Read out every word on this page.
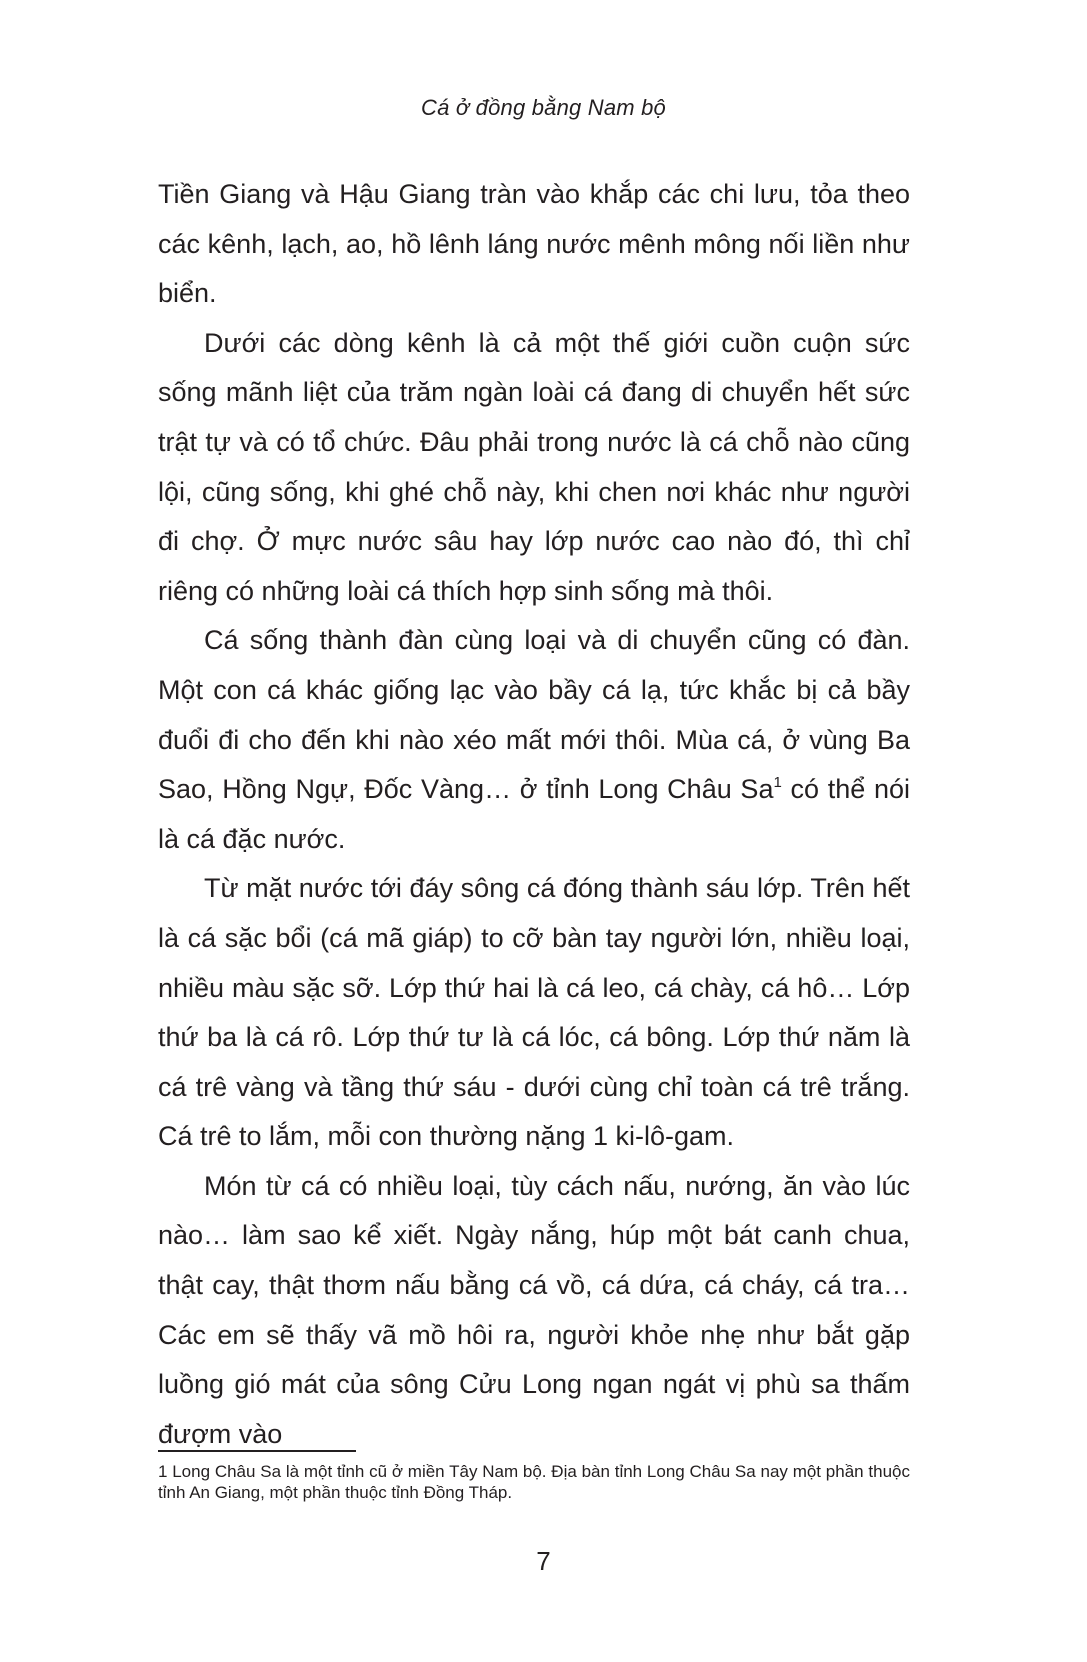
Cá ở đồng bằng Nam bộ

Tiền Giang và Hậu Giang tràn vào khắp các chi lưu, tỏa theo các kênh, lạch, ao, hồ lênh láng nước mênh mông nối liền như biển.

Dưới các dòng kênh là cả một thế giới cuồn cuộn sức sống mãnh liệt của trăm ngàn loài cá đang di chuyển hết sức trật tự và có tổ chức. Đâu phải trong nước là cá chỗ nào cũng lội, cũng sống, khi ghé chỗ này, khi chen nơi khác như người đi chợ. Ở mực nước sâu hay lớp nước cao nào đó, thì chỉ riêng có những loài cá thích hợp sinh sống mà thôi.

Cá sống thành đàn cùng loại và di chuyển cũng có đàn. Một con cá khác giống lạc vào bầy cá lạ, tức khắc bị cả bầy đuổi đi cho đến khi nào xéo mất mới thôi. Mùa cá, ở vùng Ba Sao, Hồng Ngự, Đốc Vàng… ở tỉnh Long Châu Sa$^1$ có thể nói là cá đặc nước.

Từ mặt nước tới đáy sông cá đóng thành sáu lớp. Trên hết là cá sặc bổi (cá mã giáp) to cỡ bàn tay người lớn, nhiều loại, nhiều màu sặc sỡ. Lớp thứ hai là cá leo, cá chày, cá hô… Lớp thứ ba là cá rô. Lớp thứ tư là cá lóc, cá bông. Lớp thứ năm là cá trê vàng và tầng thứ sáu - dưới cùng chỉ toàn cá trê trắng. Cá trê to lắm, mỗi con thường nặng 1 ki-lô-gam.

Món từ cá có nhiều loại, tùy cách nấu, nướng, ăn vào lúc nào… làm sao kể xiết. Ngày nắng, húp một bát canh chua, thật cay, thật thơm nấu bằng cá vồ, cá dứa, cá cháy, cá tra… Các em sẽ thấy vã mồ hôi ra, người khỏe nhẹ như bắt gặp luồng gió mát của sông Cửu Long ngan ngát vị phù sa thấm đượm vào

1 Long Châu Sa là một tỉnh cũ ở miền Tây Nam bộ. Địa bàn tỉnh Long Châu Sa nay một phần thuộc tỉnh An Giang, một phần thuộc tỉnh Đồng Tháp.
7
